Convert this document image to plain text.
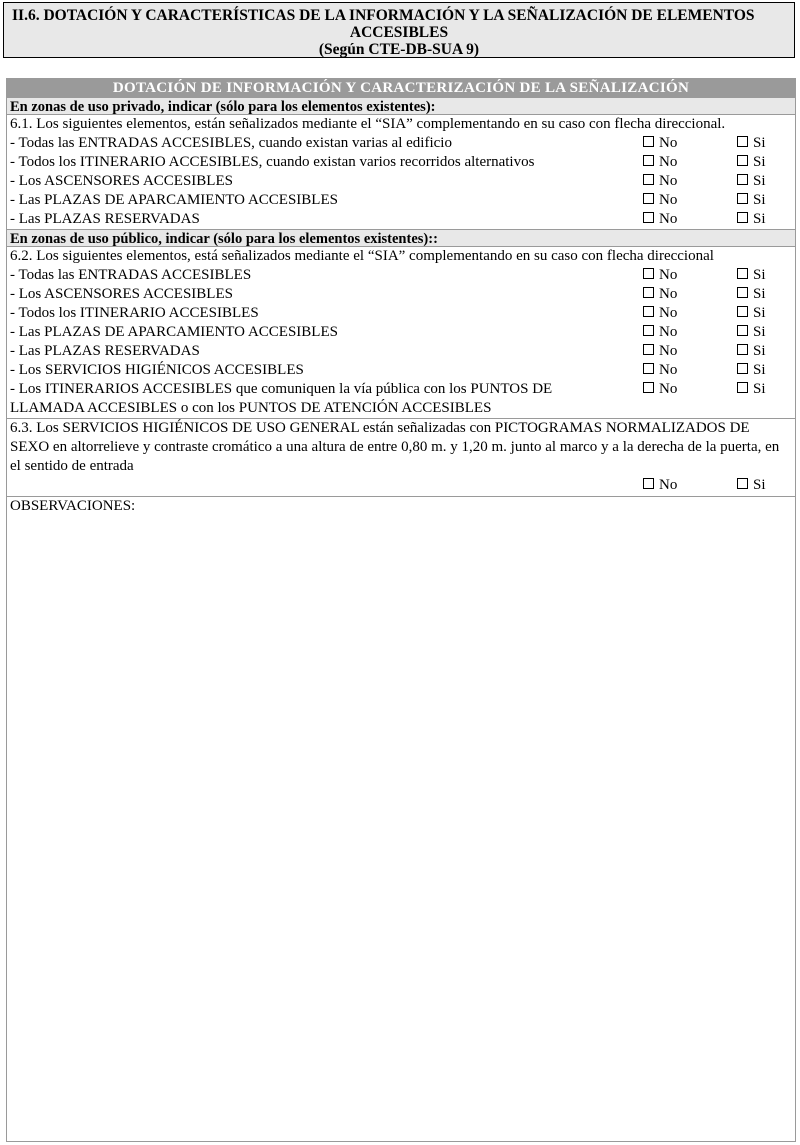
II.6. DOTACIÓN Y CARACTERÍSTICAS DE LA INFORMACIÓN Y LA SEÑALIZACIÓN DE ELEMENTOS
ACCESIBLES
(Según CTE-DB-SUA 9)
DOTACIÓN DE INFORMACIÓN Y CARACTERIZACIÓN DE LA SEÑALIZACIÓN
En zonas de uso privado, indicar (sólo para los elementos existentes):
6.1. Los siguientes elementos, están señalizados mediante el “SIA” complementando en su caso con flecha direccional.
- Todas las ENTRADAS ACCESIBLES, cuando existan varias al edificio	No	Si
- Todos los ITINERARIO ACCESIBLES, cuando existan varios recorridos alternativos	No	Si
- Los ASCENSORES ACCESIBLES	No	Si
- Las PLAZAS DE APARCAMIENTO ACCESIBLES	No	Si
- Las PLAZAS RESERVADAS	No	Si
En zonas de uso público, indicar (sólo para los elementos existentes)::
6.2. Los siguientes elementos, está señalizados mediante el “SIA” complementando en su caso con flecha direccional
- Todas las ENTRADAS ACCESIBLES	No	Si
- Los ASCENSORES ACCESIBLES	No	Si
- Todos los ITINERARIO ACCESIBLES	No	Si
- Las PLAZAS DE APARCAMIENTO ACCESIBLES	No	Si
- Las PLAZAS RESERVADAS	No	Si
- Los SERVICIOS HIGIÉNICOS ACCESIBLES	No	Si
- Los ITINERARIOS ACCESIBLES que comuniquen la vía pública con los PUNTOS DE LLAMADA ACCESIBLES o con los PUNTOS DE ATENCIÓN ACCESIBLES
No	Si
6.3. Los SERVICIOS HIGIÉNICOS DE USO GENERAL están señalizadas con PICTOGRAMAS NORMALIZADOS DE SEXO en altorrelieve y contraste cromático a una altura de entre 0,80 m. y 1,20 m. junto al marco y a la derecha de la puerta, en el sentido de entrada
No	Si
OBSERVACIONES:
